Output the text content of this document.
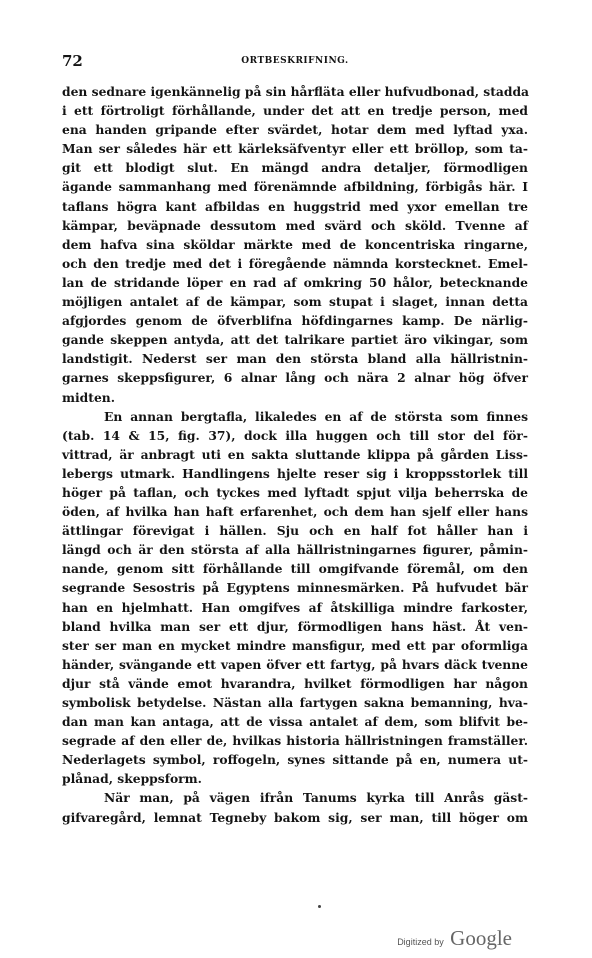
72	ORTBESKRIFNING.
den sednare igenkännelig på sin hårfläta eller hufvudbonad, stadda
i ett förtroligt förhållande, under det att en tredje person, med
ena handen gripande efter svärdet, hotar dem med lyftad yxa.
Man ser således här ett kärleksäfventyr eller ett bröllop, som ta-
git ett blodigt slut. En mängd andra detaljer, förmodligen
ägande sammanhang med förenämnde afbildning, förbigås här. I
taflans högra kant afbildas en huggstrid med yxor emellan tre
kämpar, beväpnade dessutom med svärd och sköld. Tvenne af
dem hafva sina sköldar märkte med de koncentriska ringarne,
och den tredje med det i föregående nämnda korstecknet. Emel-
lan de stridande löper en rad af omkring 50 hålor, betecknande
möjligen antalet af de kämpar, som stupat i slaget, innan detta
afgjordes genom de öfverblifna höfdingarnes kamp. De närlig-
gande skeppen antyda, att det talrikare partiet äro vikingar, som
landstigit. Nederst ser man den största bland alla hällristnin-
garnes skeppsfigurer, 6 alnar lång och nära 2 alnar hög öfver
midten.
En annan bergtafla, likaledes en af de största som finnes
(tab. 14 & 15, fig. 37), dock illa huggen och till stor del för-
vittrad, är anbragt uti en sakta sluttande klippa på gården Liss-
lebergs utmark. Handlingens hjelte reser sig i kroppsstorlek till
höger på taflan, och tyckes med lyftadt spjut vilja beherrska de
öden, af hvilka han haft erfarenhet, och dem han sjelf eller hans
ättlingar förevigat i hällen. Sju och en half fot håller han i
längd och är den största af alla hällristningarnes figurer, påmin-
nande, genom sitt förhållande till omgifvande föremål, om den
segrande Sesostris på Egyptens minnesmärken. På hufvudet bär
han en hjelmhatt. Han omgifves af åtskilliga mindre farkoster,
bland hvilka man ser ett djur, förmodligen hans häst. Åt ven-
ster ser man en mycket mindre mansfigur, med ett par oformliga
händer, svängande ett vapen öfver ett fartyg, på hvars däck tvenne
djur stå vände emot hvarandra, hvilket förmodligen har någon
symbolisk betydelse. Nästan alla fartygen sakna bemanning, hva-
dan man kan antaga, att de vissa antalet af dem, som blifvit be-
segrade af den eller de, hvilkas historia hällristningen framställer.
Nederlagets symbol, roffogeln, synes sittande på en, numera ut-
plånad, skeppsform.
När man, på vägen ifrån Tanums kyrka till Anrås gäst-
gifvaregård, lemnat Tegneby bakom sig, ser man, till höger om
Digitized by Google
